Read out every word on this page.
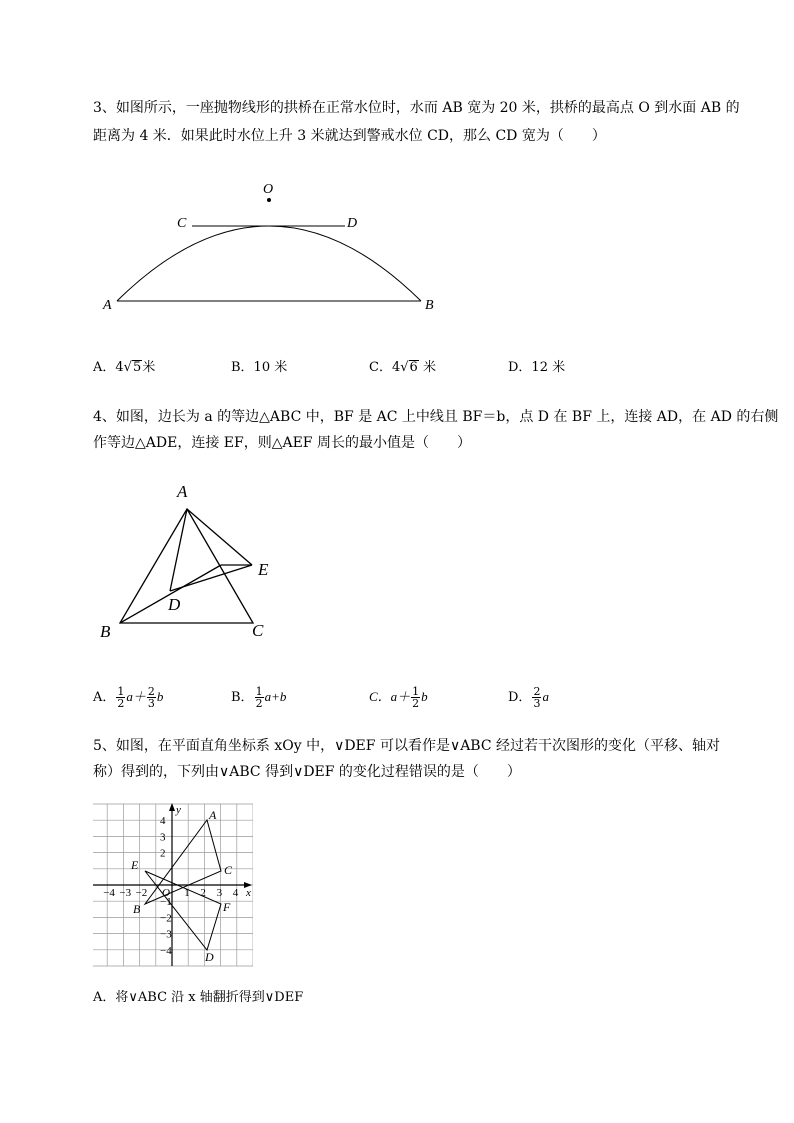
3、如图所示，一座抛物线形的拱桥在正常水位时，水而 AB 宽为 20 米，拱桥的最高点 O 到水面 AB 的
距离为 4 米．如果此时水位上升 3 米就达到警戒水位 CD，那么 CD 宽为（　　）
O
C	D
A	B
A．4√5米	B．10 米	C．4√6 米	D．12 米
4、如图，边长为 a 的等边△ABC 中，BF 是 AC 上中线且 BF＝b，点 D 在 BF 上，连接 AD，在 AD 的右侧
作等边△ADE，连接 EF，则△AEF 周长的最小值是（　　）
A
B	C
D
E
A． $\frac{1}{2} a+ \frac{2}{3}$ b	B． $\frac{1}{2} a+b$	C．$a+ \frac{1}{2}$ b	D． $\frac{2}{3}$ a
5、如图，在平面直角坐标系 xOy 中，∨DEF 可以看作是∨ABC 经过若干次图形的变化（平移、轴对
称）得到的，下列由∨ABC 得到∨DEF 的变化过程错误的是（　　）
x
y
O
−4 −3 −2	1 2 3 4
4
3
2
−1
−2
−3
−4
A
B
C
D
E
F
A．将∨ABC 沿 x 轴翻折得到∨DEF
